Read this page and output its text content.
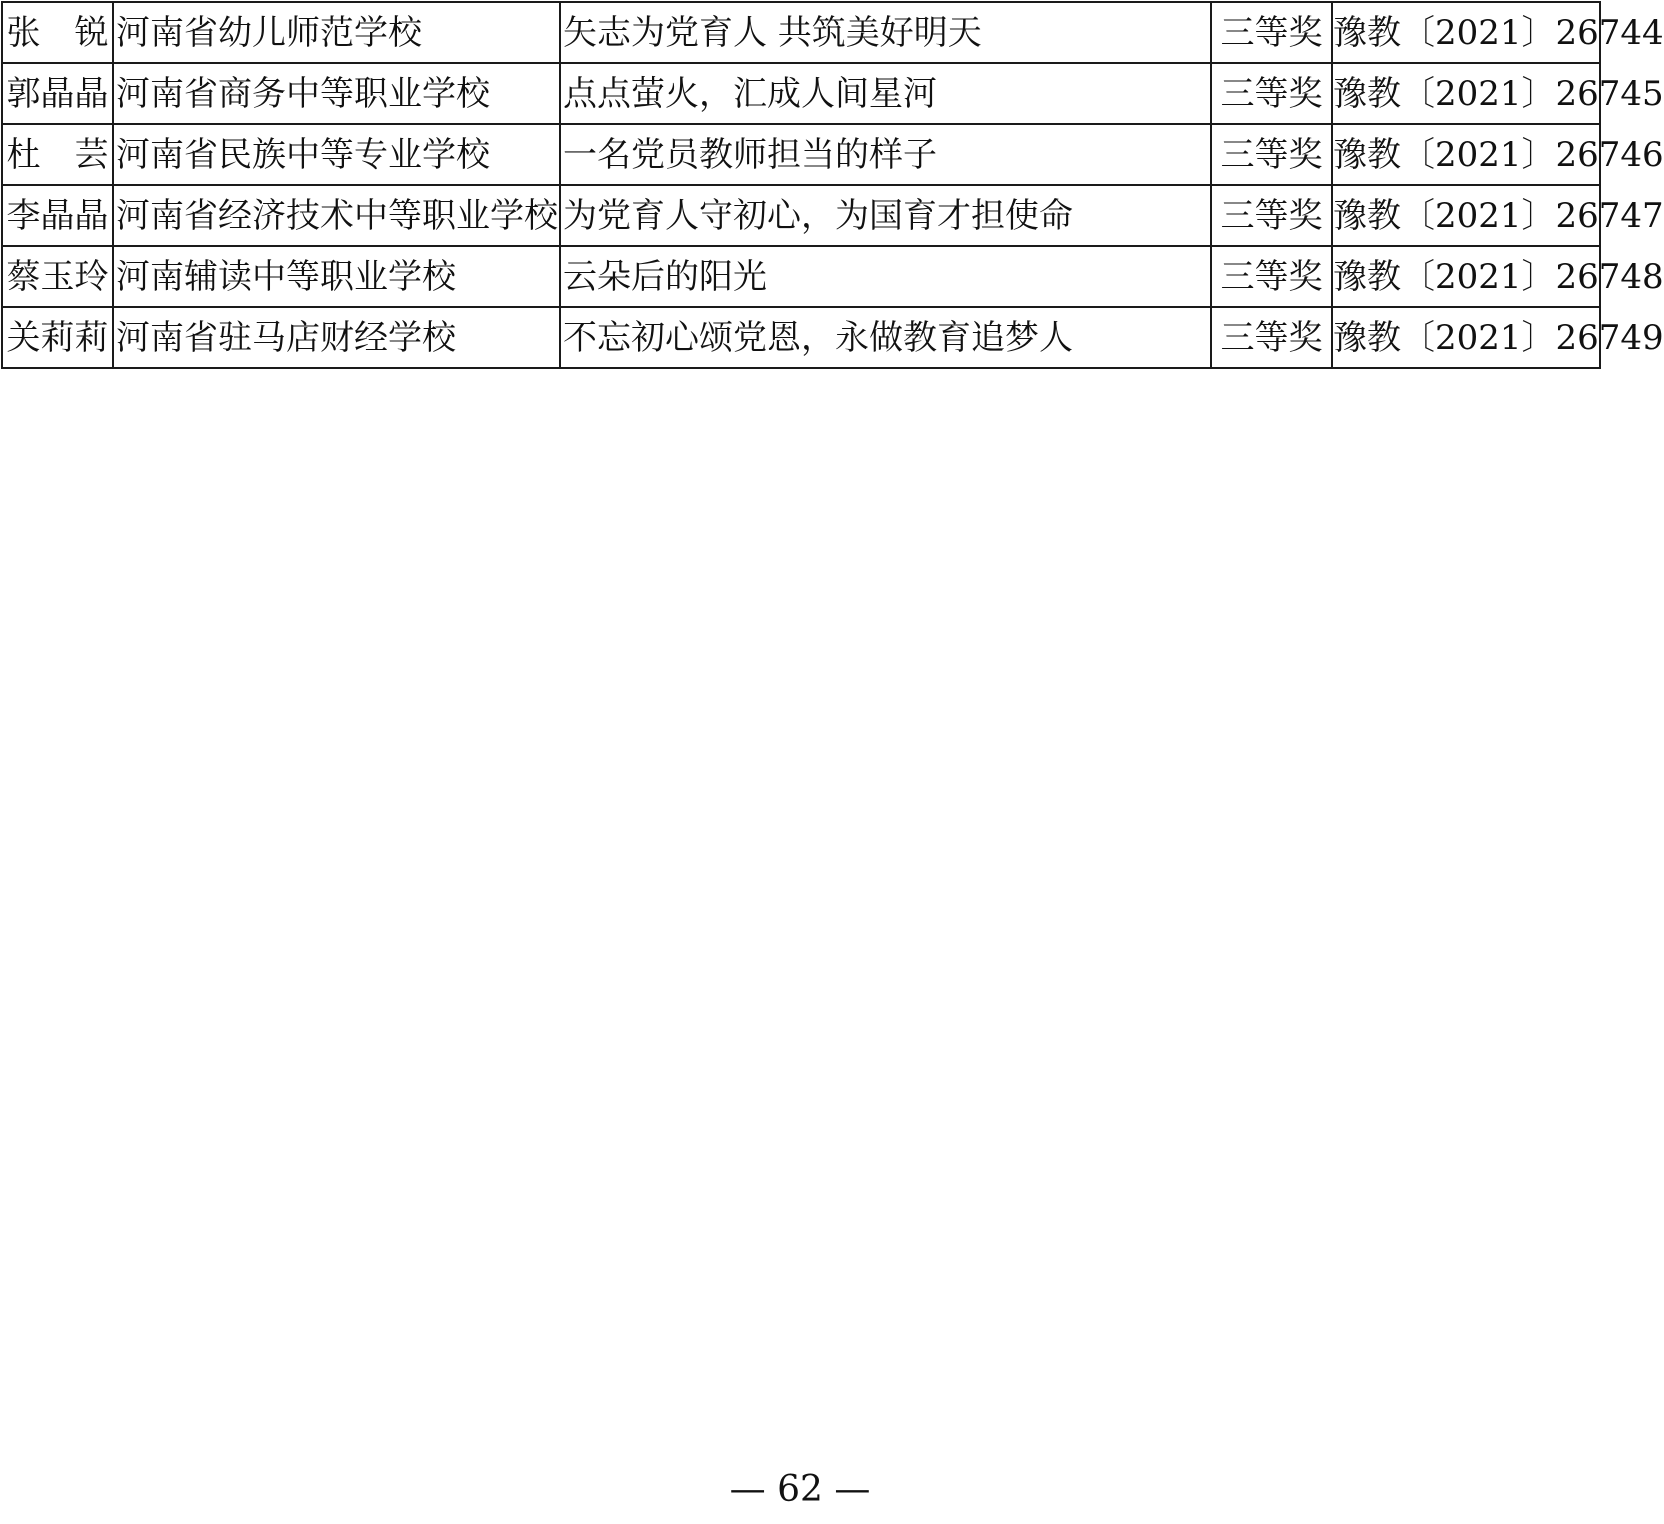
张　锐	河南省幼儿师范学校	矢志为党育人 共筑美好明天	三等奖	豫教〔2021〕26744
郭晶晶	河南省商务中等职业学校	点点萤火，汇成人间星河	三等奖	豫教〔2021〕26745
杜　芸	河南省民族中等专业学校	一名党员教师担当的样子	三等奖	豫教〔2021〕26746
李晶晶	河南省经济技术中等职业学校	为党育人守初心，为国育才担使命	三等奖	豫教〔2021〕26747
蔡玉玲	河南辅读中等职业学校	云朵后的阳光	三等奖	豫教〔2021〕26748
关莉莉	河南省驻马店财经学校	不忘初心颂党恩，永做教育追梦人	三等奖	豫教〔2021〕26749
— 62 —
